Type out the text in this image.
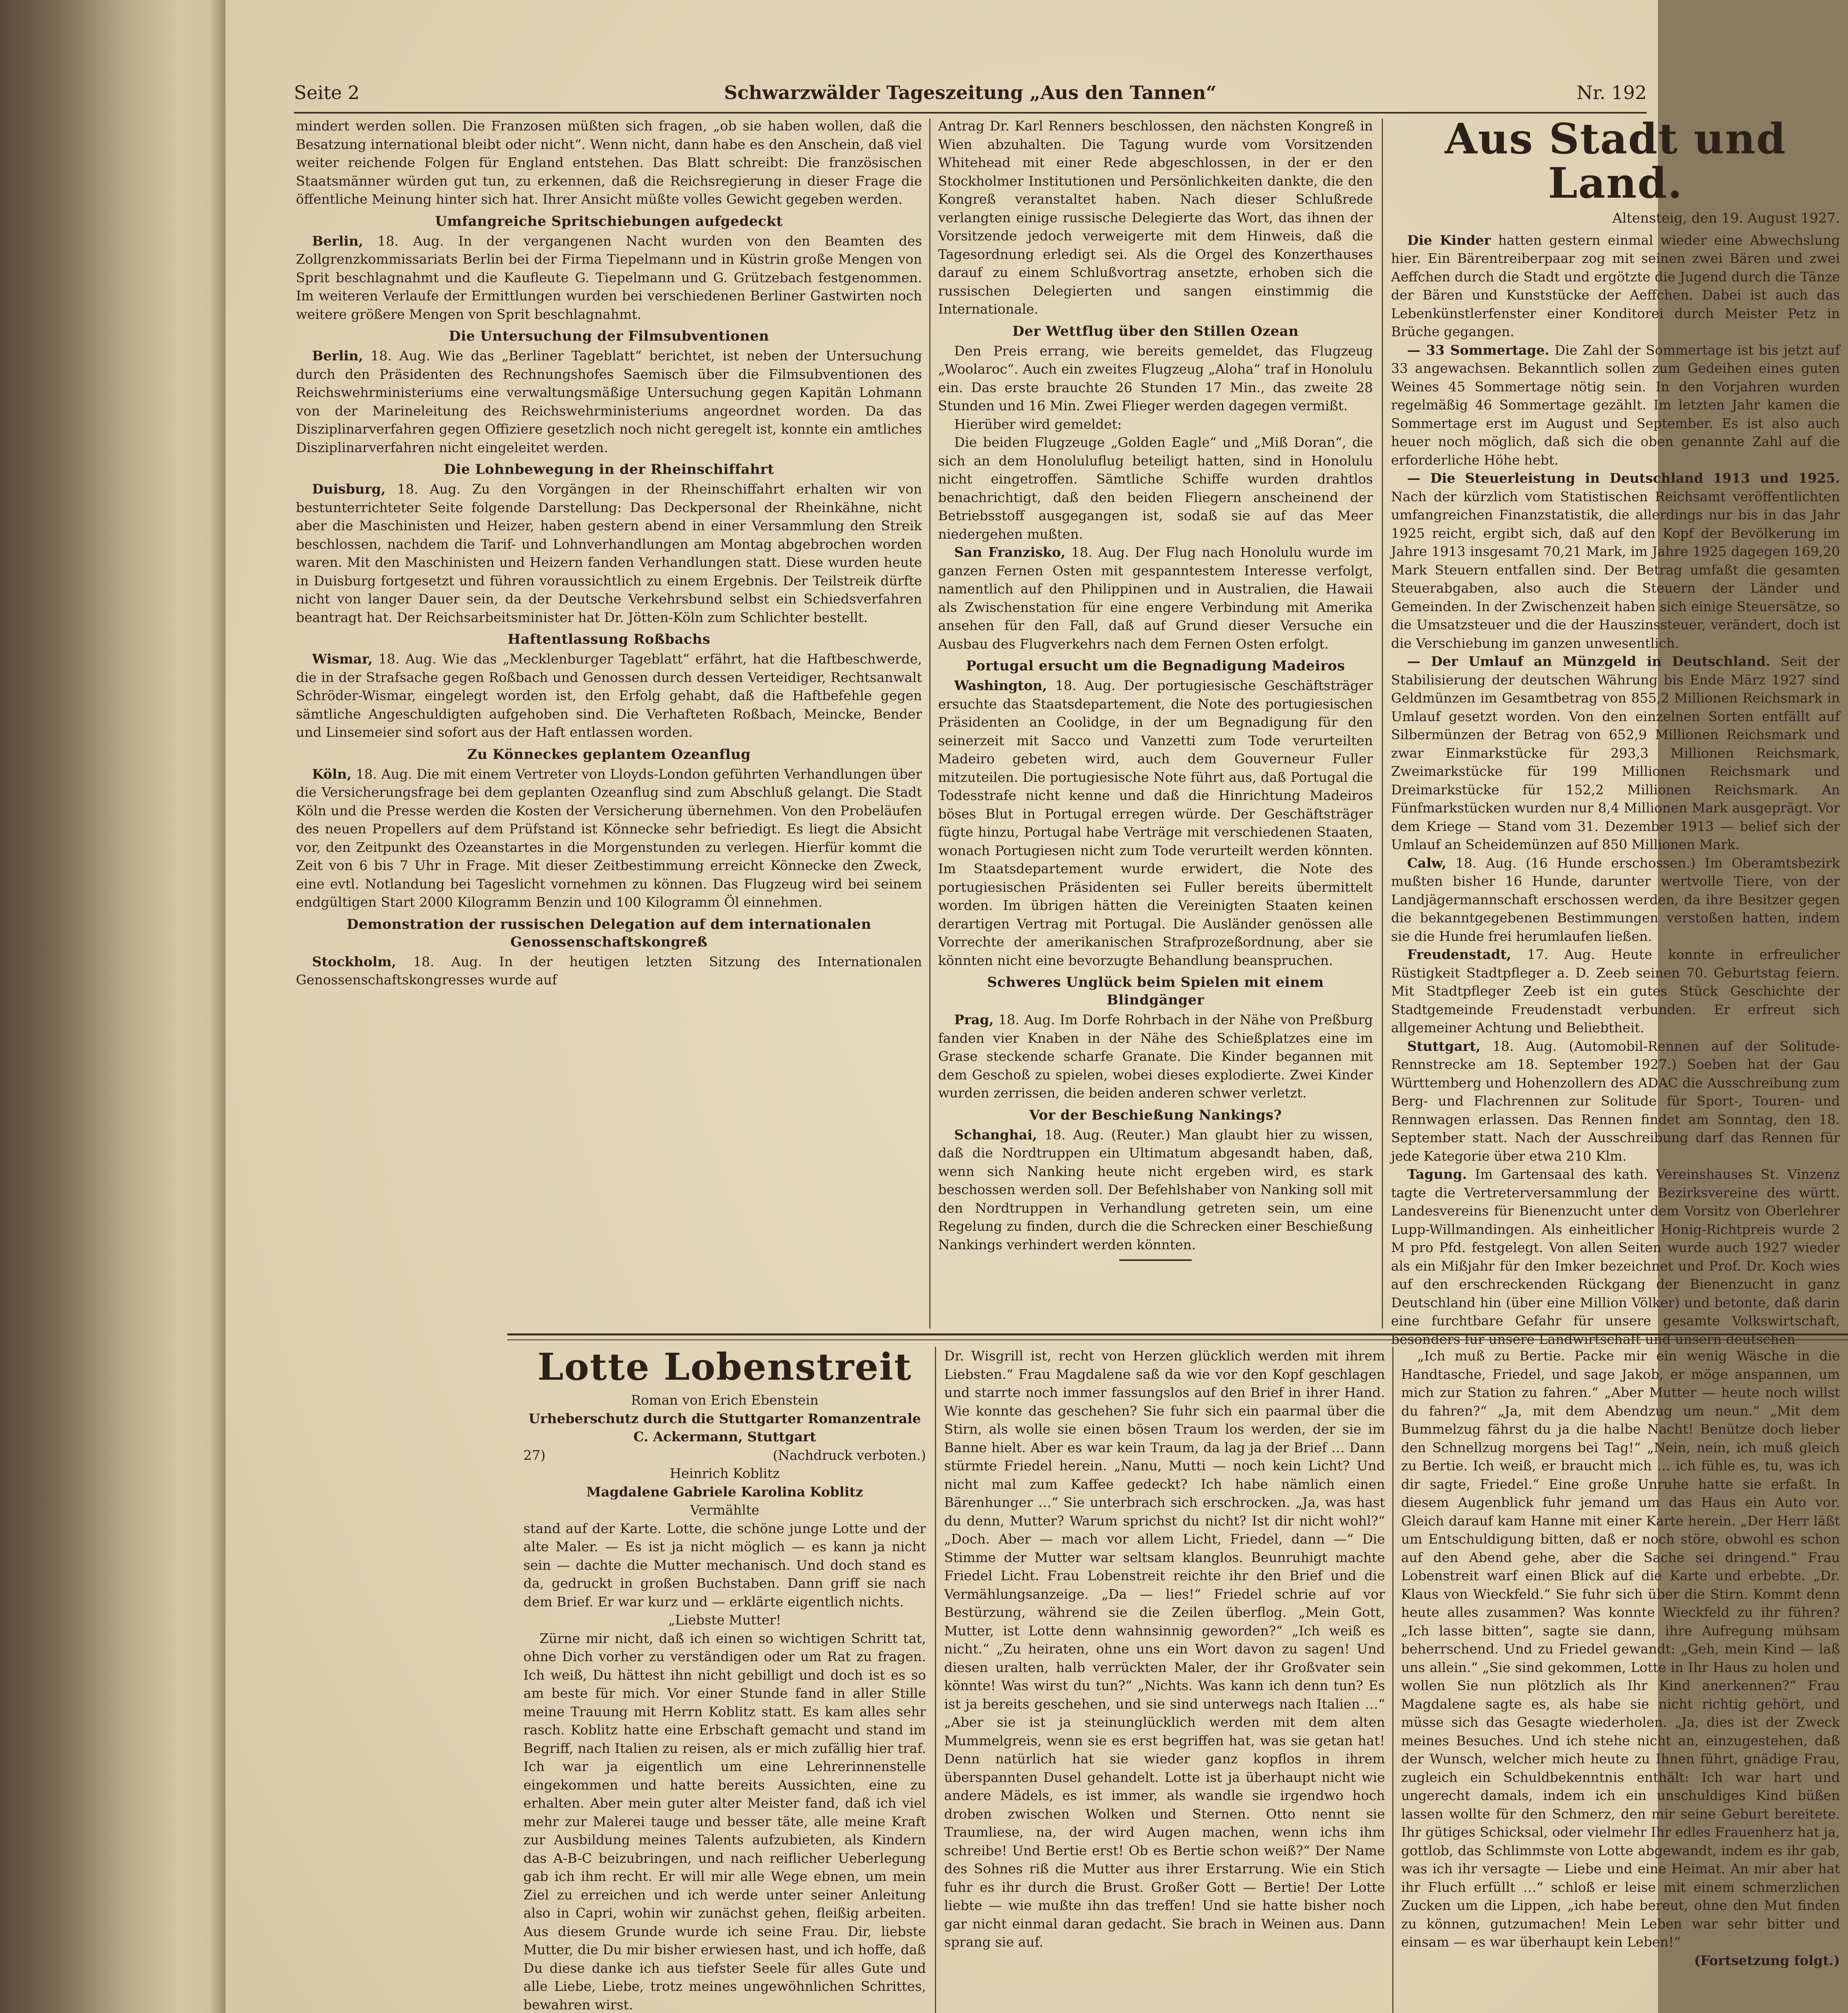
Seite 2	Schwarzwälder Tageszeitung „Aus den Tannen“	Nr. 192

mindert werden sollen. Die Franzosen müßten sich fragen, „ob sie haben wollen, daß die Besatzung international bleibt oder nicht“. Wenn nicht, dann habe es den Anschein, daß viel weiter reichende Folgen für England entstehen. Das Blatt schreibt: Die französischen Staatsmänner würden gut tun, zu erkennen, daß die Reichsregierung in dieser Frage die öffentliche Meinung hinter sich hat. Ihrer Ansicht müßte volles Gewicht gegeben werden.

Umfangreiche Spritschiebungen aufgedeckt

Berlin, 18. Aug. In der vergangenen Nacht wurden von den Beamten des Zollgrenzkommissariats Berlin bei der Firma Tiepelmann und in Küstrin große Mengen von Sprit beschlagnahmt und die Kaufleute G. Tiepelmann und G. Grützebach festgenommen. Im weiteren Verlaufe der Ermittlungen wurden bei verschiedenen Berliner Gastwirten noch weitere größere Mengen von Sprit beschlagnahmt.

Die Untersuchung der Filmsubventionen

Berlin, 18. Aug. Wie das „Berliner Tageblatt“ berichtet, ist neben der Untersuchung durch den Präsidenten des Rechnungshofes Saemisch über die Filmsubventionen des Reichswehrministeriums eine verwaltungsmäßige Untersuchung gegen Kapitän Lohmann von der Marineleitung des Reichswehrministeriums angeordnet worden. Da das Disziplinarverfahren gegen Offiziere gesetzlich noch nicht geregelt ist, konnte ein amtliches Disziplinarverfahren nicht eingeleitet werden.

Die Lohnbewegung in der Rheinschiffahrt

Duisburg, 18. Aug. Zu den Vorgängen in der Rheinschiffahrt erhalten wir von bestunterrichteter Seite folgende Darstellung: Das Deckpersonal der Rheinkähne, nicht aber die Maschinisten und Heizer, haben gestern abend in einer Versammlung den Streik beschlossen, nachdem die Tarif- und Lohnverhandlungen am Montag abgebrochen worden waren. Mit den Maschinisten und Heizern fanden Verhandlungen statt. Diese wurden heute in Duisburg fortgesetzt und führen voraussichtlich zu einem Ergebnis. Der Teilstreik dürfte nicht von langer Dauer sein, da der Deutsche Verkehrsbund selbst ein Schiedsverfahren beantragt hat. Der Reichsarbeitsminister hat Dr. Jötten-Köln zum Schlichter bestellt.

Haftentlassung Roßbachs

Wismar, 18. Aug. Wie das „Mecklenburger Tageblatt“ erfährt, hat die Haftbeschwerde, die in der Strafsache gegen Roßbach und Genossen durch dessen Verteidiger, Rechtsanwalt Schröder-Wismar, eingelegt worden ist, den Erfolg gehabt, daß die Haftbefehle gegen sämtliche Angeschuldigten aufgehoben sind. Die Verhafteten Roßbach, Meincke, Bender und Linsemeier sind sofort aus der Haft entlassen worden.

Zu Könneckes geplantem Ozeanflug

Köln, 18. Aug. Die mit einem Vertreter von Lloyds-London geführten Verhandlungen über die Versicherungsfrage bei dem geplanten Ozeanflug sind zum Abschluß gelangt. Die Stadt Köln und die Presse werden die Kosten der Versicherung übernehmen. Von den Probeläufen des neuen Propellers auf dem Prüfstand ist Könnecke sehr befriedigt. Es liegt die Absicht vor, den Zeitpunkt des Ozeanstartes in die Morgenstunden zu verlegen. Hierfür kommt die Zeit von 6 bis 7 Uhr in Frage. Mit dieser Zeitbestimmung erreicht Könnecke den Zweck, eine evtl. Notlandung bei Tageslicht vornehmen zu können. Das Flugzeug wird bei seinem endgültigen Start 2000 Kilogramm Benzin und 100 Kilogramm Öl einnehmen.

Demonstration der russischen Delegation auf dem internationalen Genossenschaftskongreß

Stockholm, 18. Aug. In der heutigen letzten Sitzung des Internationalen Genossenschaftskongresses wurde auf

Antrag Dr. Karl Renners beschlossen, den nächsten Kongreß in Wien abzuhalten. Die Tagung wurde vom Vorsitzenden Whitehead mit einer Rede abgeschlossen, in der er den Stockholmer Institutionen und Persönlichkeiten dankte, die den Kongreß veranstaltet haben. Nach dieser Schlußrede verlangten einige russische Delegierte das Wort, das ihnen der Vorsitzende jedoch verweigerte mit dem Hinweis, daß die Tagesordnung erledigt sei. Als die Orgel des Konzerthauses darauf zu einem Schlußvortrag ansetzte, erhoben sich die russischen Delegierten und sangen einstimmig die Internationale.

Der Wettflug über den Stillen Ozean

Den Preis errang, wie bereits gemeldet, das Flugzeug „Woolaroc“. Auch ein zweites Flugzeug „Aloha“ traf in Honolulu ein. Das erste brauchte 26 Stunden 17 Min., das zweite 28 Stunden und 16 Min. Zwei Flieger werden dagegen vermißt.

Hierüber wird gemeldet:

Die beiden Flugzeuge „Golden Eagle“ und „Miß Doran“, die sich an dem Honoluluflug beteiligt hatten, sind in Honolulu nicht eingetroffen. Sämtliche Schiffe wurden drahtlos benachrichtigt, daß den beiden Fliegern anscheinend der Betriebsstoff ausgegangen ist, sodaß sie auf das Meer niedergehen mußten.

San Franzisko, 18. Aug. Der Flug nach Honolulu wurde im ganzen Fernen Osten mit gespanntestem Interesse verfolgt, namentlich auf den Philippinen und in Australien, die Hawaii als Zwischenstation für eine engere Verbindung mit Amerika ansehen für den Fall, daß auf Grund dieser Versuche ein Ausbau des Flugverkehrs nach dem Fernen Osten erfolgt.

Portugal ersucht um die Begnadigung Madeiros

Washington, 18. Aug. Der portugiesische Geschäftsträger ersuchte das Staatsdepartement, die Note des portugiesischen Präsidenten an Coolidge, in der um Begnadigung für den seinerzeit mit Sacco und Vanzetti zum Tode verurteilten Madeiro gebeten wird, auch dem Gouverneur Fuller mitzuteilen. Die portugiesische Note führt aus, daß Portugal die Todesstrafe nicht kenne und daß die Hinrichtung Madeiros böses Blut in Portugal erregen würde. Der Geschäftsträger fügte hinzu, Portugal habe Verträge mit verschiedenen Staaten, wonach Portugiesen nicht zum Tode verurteilt werden könnten. Im Staatsdepartement wurde erwidert, die Note des portugiesischen Präsidenten sei Fuller bereits übermittelt worden. Im übrigen hätten die Vereinigten Staaten keinen derartigen Vertrag mit Portugal. Die Ausländer genössen alle Vorrechte der amerikanischen Strafprozeßordnung, aber sie könnten nicht eine bevorzugte Behandlung beanspruchen.

Schweres Unglück beim Spielen mit einem Blindgänger

Prag, 18. Aug. Im Dorfe Rohrbach in der Nähe von Preßburg fanden vier Knaben in der Nähe des Schießplatzes eine im Grase steckende scharfe Granate. Die Kinder begannen mit dem Geschoß zu spielen, wobei dieses explodierte. Zwei Kinder wurden zerrissen, die beiden anderen schwer verletzt.

Vor der Beschießung Nankings?

Schanghai, 18. Aug. (Reuter.) Man glaubt hier zu wissen, daß die Nordtruppen ein Ultimatum abgesandt haben, daß, wenn sich Nanking heute nicht ergeben wird, es stark beschossen werden soll. Der Befehlshaber von Nanking soll mit den Nordtruppen in Verhandlung getreten sein, um eine Regelung zu finden, durch die die Schrecken einer Beschießung Nankings verhindert werden könnten.

Aus Stadt und Land.
Altensteig, den 19. August 1927.

Die Kinder hatten gestern einmal wieder eine Abwechslung hier. Ein Bärentreiberpaar zog mit seinen zwei Bären und zwei Aeffchen durch die Stadt und ergötzte die Jugend durch die Tänze der Bären und Kunststücke der Aeffchen. Dabei ist auch das Lebenkünstlerfenster einer Konditorei durch Meister Petz in Brüche gegangen.

— 33 Sommertage. Die Zahl der Sommertage ist bis jetzt auf 33 angewachsen. Bekanntlich sollen zum Gedeihen eines guten Weines 45 Sommertage nötig sein. In den Vorjahren wurden regelmäßig 46 Sommertage gezählt. Im letzten Jahr kamen die Sommertage erst im August und September. Es ist also auch heuer noch möglich, daß sich die oben genannte Zahl auf die erforderliche Höhe hebt.

— Die Steuerleistung in Deutschland 1913 und 1925. Nach der kürzlich vom Statistischen Reichsamt veröffentlichten umfangreichen Finanzstatistik, die allerdings nur bis in das Jahr 1925 reicht, ergibt sich, daß auf den Kopf der Bevölkerung im Jahre 1913 insgesamt 70,21 Mark, im Jahre 1925 dagegen 169,20 Mark Steuern entfallen sind. Der Betrag umfaßt die gesamten Steuerabgaben, also auch die Steuern der Länder und Gemeinden. In der Zwischenzeit haben sich einige Steuersätze, so die Umsatzsteuer und die der Hauszinssteuer, verändert, doch ist die Verschiebung im ganzen unwesentlich.

— Der Umlauf an Münzgeld in Deutschland. Seit der Stabilisierung der deutschen Währung bis Ende März 1927 sind Geldmünzen im Gesamtbetrag von 855,2 Millionen Reichsmark in Umlauf gesetzt worden. Von den einzelnen Sorten entfällt auf Silbermünzen der Betrag von 652,9 Millionen Reichsmark und zwar Einmarkstücke für 293,3 Millionen Reichsmark, Zweimarkstücke für 199 Millionen Reichsmark und Dreimarkstücke für 152,2 Millionen Reichsmark. An Fünfmarkstücken wurden nur 8,4 Millionen Mark ausgeprägt. Vor dem Kriege — Stand vom 31. Dezember 1913 — belief sich der Umlauf an Scheidemünzen auf 850 Millionen Mark.

Calw, 18. Aug. (16 Hunde erschossen.) Im Oberamtsbezirk mußten bisher 16 Hunde, darunter wertvolle Tiere, von der Landjägermannschaft erschossen werden, da ihre Besitzer gegen die bekanntgegebenen Bestimmungen verstoßen hatten, indem sie die Hunde frei herumlaufen ließen.

Freudenstadt, 17. Aug. Heute konnte in erfreulicher Rüstigkeit Stadtpfleger a. D. Zeeb seinen 70. Geburtstag feiern. Mit Stadtpfleger Zeeb ist ein gutes Stück Geschichte der Stadtgemeinde Freudenstadt verbunden. Er erfreut sich allgemeiner Achtung und Beliebtheit.

Stuttgart, 18. Aug. (Automobil-Rennen auf der Solitude-Rennstrecke am 18. September 1927.) Soeben hat der Gau Württemberg und Hohenzollern des ADAC die Ausschreibung zum Berg- und Flachrennen zur Solitude für Sport-, Touren- und Rennwagen erlassen. Das Rennen findet am Sonntag, den 18. September statt. Nach der Ausschreibung darf das Rennen für jede Kategorie über etwa 210 Klm.

Tagung. Im Gartensaal des kath. Vereinshauses St. Vinzenz tagte die Vertreterversammlung der Bezirksvereine des württ. Landesvereins für Bienenzucht unter dem Vorsitz von Oberlehrer Lupp-Willmandingen. Als einheitlicher Honig-Richtpreis wurde 2 M pro Pfd. festgelegt. Von allen Seiten wurde auch 1927 wieder als ein Mißjahr für den Imker bezeichnet und Prof. Dr. Koch wies auf den erschreckenden Rückgang der Bienenzucht in ganz Deutschland hin (über eine Million Völker) und betonte, daß darin eine furchtbare Gefahr für unsere gesamte Volkswirtschaft, besonders für unsere Landwirtschaft und unsern deutschen

Lotte Lobenstreit

Roman von Erich Ebenstein

Urheberschutz durch die Stuttgarter Romanzentrale

C. Ackermann, Stuttgart

27)	(Nachdruck verboten.)

Heinrich Koblitz

Magdalene Gabriele Karolina Koblitz

Vermählte

stand auf der Karte. Lotte, die schöne junge Lotte und der alte Maler. — Es ist ja nicht möglich — es kann ja nicht sein — dachte die Mutter mechanisch. Und doch stand es da, gedruckt in großen Buchstaben. Dann griff sie nach dem Brief. Er war kurz und — erklärte eigentlich nichts.

„Liebste Mutter!

Zürne mir nicht, daß ich einen so wichtigen Schritt tat, ohne Dich vorher zu verständigen oder um Rat zu fragen. Ich weiß, Du hättest ihn nicht gebilligt und doch ist es so am beste für mich. Vor einer Stunde fand in aller Stille meine Trauung mit Herrn Koblitz statt. Es kam alles sehr rasch. Koblitz hatte eine Erbschaft gemacht und stand im Begriff, nach Italien zu reisen, als er mich zufällig hier traf. Ich war ja eigentlich um eine Lehrerinnenstelle eingekommen und hatte bereits Aussichten, eine zu erhalten. Aber mein guter alter Meister fand, daß ich viel mehr zur Malerei tauge und besser täte, alle meine Kraft zur Ausbildung meines Talents aufzubieten, als Kindern das A-B-C beizubringen, und nach reiflicher Ueberlegung gab ich ihm recht. Er will mir alle Wege ebnen, um mein Ziel zu erreichen und ich werde unter seiner Anleitung also in Capri, wohin wir zunächst gehen, fleißig arbeiten. Aus diesem Grunde wurde ich seine Frau. Dir, liebste Mutter, die Du mir bisher erwiesen hast, und ich hoffe, daß Du diese danke ich aus tiefster Seele für alles Gute und alle Liebe, Liebe, trotz meines ungewöhnlichen Schrittes, bewahren wirst.

Dr. Wisgrill ist, recht von Herzen glücklich werden mit ihrem Liebsten.“ Frau Magdalene saß da wie vor den Kopf geschlagen und starrte noch immer fassungslos auf den Brief in ihrer Hand. Wie konnte das geschehen? Sie fuhr sich ein paarmal über die Stirn, als wolle sie einen bösen Traum los werden, der sie im Banne hielt. Aber es war kein Traum, da lag ja der Brief … Dann stürmte Friedel herein. „Nanu, Mutti — noch kein Licht? Und nicht mal zum Kaffee gedeckt? Ich habe nämlich einen Bärenhunger …“ Sie unterbrach sich erschrocken. „Ja, was hast du denn, Mutter? Warum sprichst du nicht? Ist dir nicht wohl?“ „Doch. Aber — mach vor allem Licht, Friedel, dann —“ Die Stimme der Mutter war seltsam klanglos. Beunruhigt machte Friedel Licht. Frau Lobenstreit reichte ihr den Brief und die Vermählungsanzeige. „Da — lies!“ Friedel schrie auf vor Bestürzung, während sie die Zeilen überflog. „Mein Gott, Mutter, ist Lotte denn wahnsinnig geworden?“ „Ich weiß es nicht.“ „Zu heiraten, ohne uns ein Wort davon zu sagen! Und diesen uralten, halb verrückten Maler, der ihr Großvater sein könnte! Was wirst du tun?“ „Nichts. Was kann ich denn tun? Es ist ja bereits geschehen, und sie sind unterwegs nach Italien …“ „Aber sie ist ja steinunglücklich werden mit dem alten Mummelgreis, wenn sie es erst begriffen hat, was sie getan hat! Denn natürlich hat sie wieder ganz kopflos in ihrem überspannten Dusel gehandelt. Lotte ist ja überhaupt nicht wie andere Mädels, es ist immer, als wandle sie irgendwo hoch droben zwischen Wolken und Sternen. Otto nennt sie Traumliese, na, der wird Augen machen, wenn ichs ihm schreibe! Und Bertie erst! Ob es Bertie schon weiß?“ Der Name des Sohnes riß die Mutter aus ihrer Erstarrung. Wie ein Stich fuhr es ihr durch die Brust. Großer Gott — Bertie! Der Lotte liebte — wie mußte ihn das treffen! Und sie hatte bisher noch gar nicht einmal daran gedacht. Sie brach in Weinen aus. Dann sprang sie auf.

„Ich muß zu Bertie. Packe mir ein wenig Wäsche in die Handtasche, Friedel, und sage Jakob, er möge anspannen, um mich zur Station zu fahren.“ „Aber Mutter — heute noch willst du fahren?“ „Ja, mit dem Abendzug um neun.“ „Mit dem Bummelzug fährst du ja die halbe Nacht! Benütze doch lieber den Schnellzug morgens bei Tag!“ „Nein, nein, ich muß gleich zu Bertie. Ich weiß, er braucht mich … ich fühle es, tu, was ich dir sagte, Friedel.“ Eine große Unruhe hatte sie erfaßt. In diesem Augenblick fuhr jemand um das Haus ein Auto vor. Gleich darauf kam Hanne mit einer Karte herein. „Der Herr läßt um Entschuldigung bitten, daß er noch störe, obwohl es schon auf den Abend gehe, aber die Sache sei dringend.“ Frau Lobenstreit warf einen Blick auf die Karte und erbebte. „Dr. Klaus von Wieckfeld.“ Sie fuhr sich über die Stirn. Kommt denn heute alles zusammen? Was konnte Wieckfeld zu ihr führen? „Ich lasse bitten“, sagte sie dann, ihre Aufregung mühsam beherrschend. Und zu Friedel gewandt: „Geh, mein Kind — laß uns allein.“ „Sie sind gekommen, Lotte in Ihr Haus zu holen und wollen Sie nun plötzlich als Ihr Kind anerkennen?“ Frau Magdalene sagte es, als habe sie nicht richtig gehört, und müsse sich das Gesagte wiederholen. „Ja, dies ist der Zweck meines Besuches. Und ich stehe nicht an, einzugestehen, daß der Wunsch, welcher mich heute zu Ihnen führt, gnädige Frau, zugleich ein Schuldbekenntnis enthält: Ich war hart und ungerecht damals, indem ich ein unschuldiges Kind büßen lassen wollte für den Schmerz, den mir seine Geburt bereitete. Ihr gütiges Schicksal, oder vielmehr Ihr edles Frauenherz hat ja, gottlob, das Schlimmste von Lotte abgewandt, indem es ihr gab, was ich ihr versagte — Liebe und eine Heimat. An mir aber hat ihr Fluch erfüllt …“ schloß er leise mit einem schmerzlichen Zucken um die Lippen, „ich habe bereut, ohne den Mut finden zu können, gutzumachen! Mein Leben war sehr bitter und einsam — es war überhaupt kein Leben!“

(Fortsetzung folgt.)
